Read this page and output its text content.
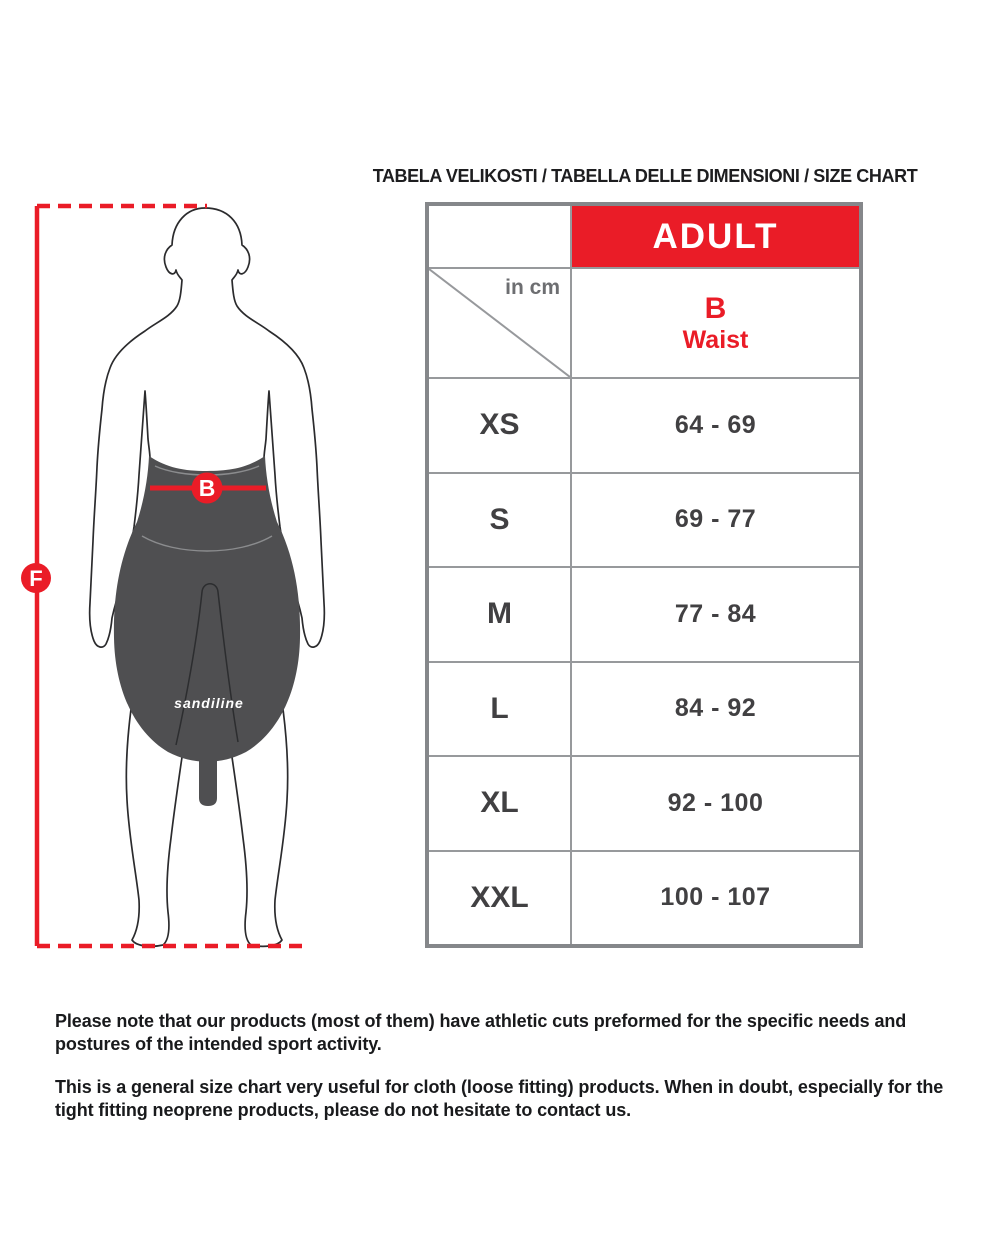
TABELA VELIKOSTI / TABELLA DELLE DIMENSIONI / SIZE CHART
sandiline
F
B
ADULT
in cm
B
Waist
XS	64 - 69
S	69 - 77
M	77 - 84
L	84 - 92
XL	92 - 100
XXL	100 - 107

Please note that our products (most of them) have athletic cuts preformed for the specific needs and postures of the intended sport activity.

This is a general size chart very useful for cloth (loose fitting) products. When in doubt, especially for the tight fitting neoprene products, please do not hesitate to contact us.
